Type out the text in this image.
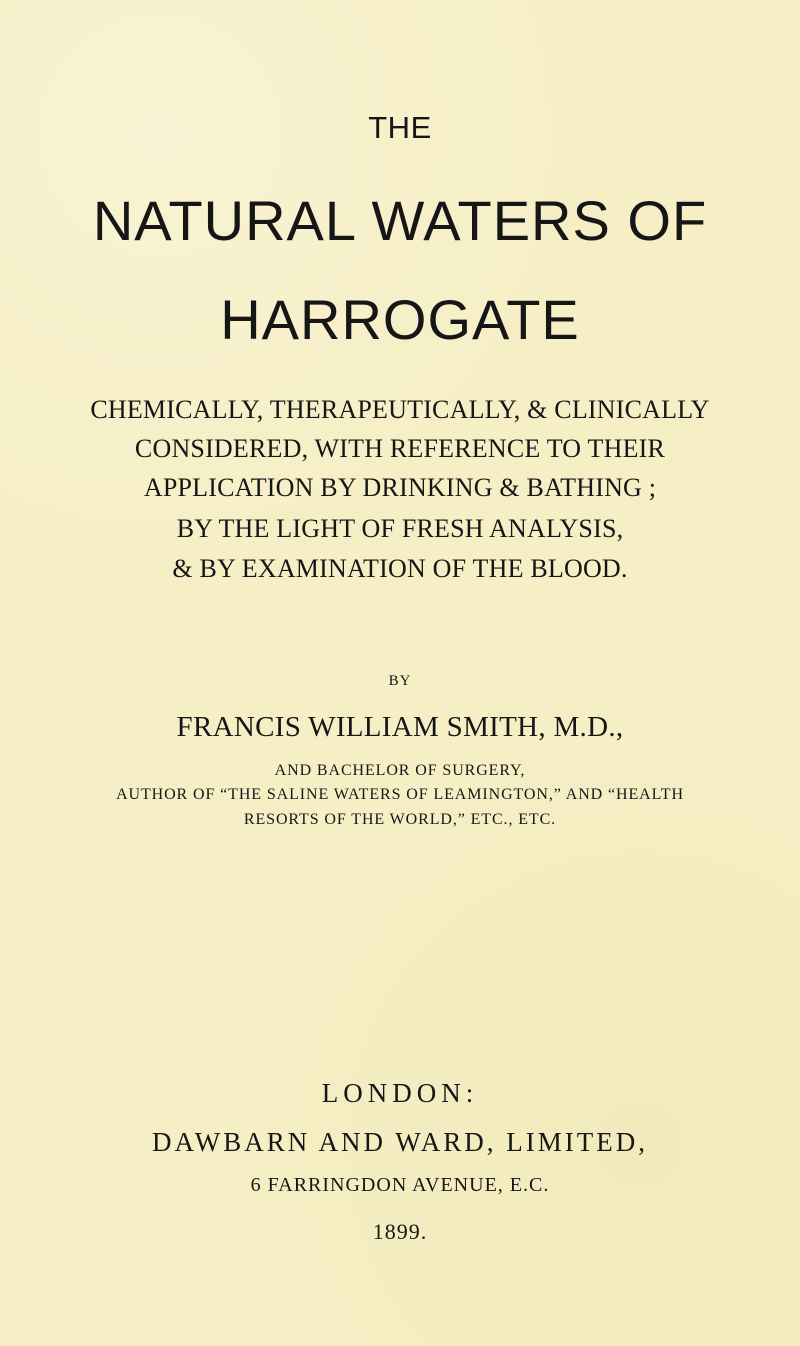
THE
NATURAL WATERS OF
HARROGATE
CHEMICALLY, THERAPEUTICALLY, & CLINICALLY
CONSIDERED, WITH REFERENCE TO THEIR
APPLICATION BY DRINKING & BATHING ;
BY THE LIGHT OF FRESH ANALYSIS,
& BY EXAMINATION OF THE BLOOD.
BY
FRANCIS WILLIAM SMITH, M.D.,
AND BACHELOR OF SURGERY,
AUTHOR OF “THE SALINE WATERS OF LEAMINGTON,” AND “HEALTH
RESORTS OF THE WORLD,” ETC., ETC.
LONDON:
DAWBARN AND WARD, LIMITED,
6 FARRINGDON AVENUE, E.C.
1899.
